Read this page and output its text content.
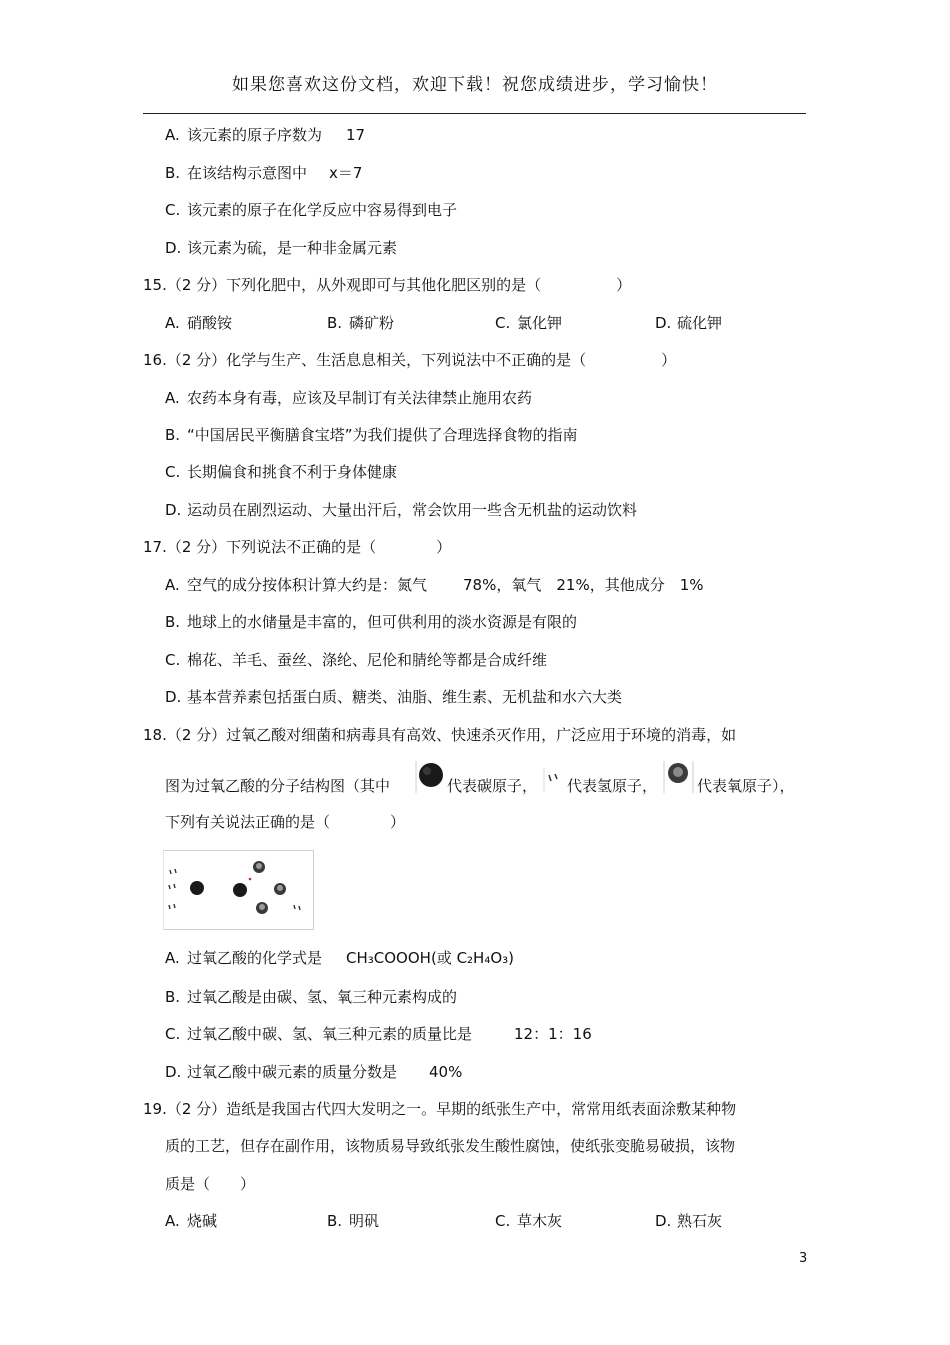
如果您喜欢这份文档，欢迎下载！祝您成绩进步，学习愉快！
A. 该元素的原子序数为 17
B. 在该结构示意图中 x＝7
C. 该元素的原子在化学反应中容易得到电子
D. 该元素为硫，是一种非金属元素
15.（2 分）下列化肥中，从外观即可与其他化肥区别的是（　　　　　）
A. 硝酸铵	B. 磷矿粉	C. 氯化钾	D. 硫化钾
16.（2 分）化学与生产、生活息息相关，下列说法中不正确的是（　　　　　）
A. 农药本身有毒，应该及早制订有关法律禁止施用农药
B. “中国居民平衡膳食宝塔”为我们提供了合理选择食物的指南
C. 长期偏食和挑食不利于身体健康
D. 运动员在剧烈运动、大量出汗后，常会饮用一些含无机盐的运动饮料
17.（2 分）下列说法不正确的是（　　　　）
A. 空气的成分按体积计算大约是：氮气 78%，氧气　21%，其他成分　1%
B. 地球上的水储量是丰富的，但可供利用的淡水资源是有限的
C. 棉花、羊毛、蚕丝、涤纶、尼伦和腈纶等都是合成纤维
D. 基本营养素包括蛋白质、糖类、油脂、维生素、无机盐和水六大类
18.（2 分）过氧乙酸对细菌和病毒具有高效、快速杀灭作用，广泛应用于环境的消毒，如
图为过氧乙酸的分子结构图（其中	代表碳原子， 代表氢原子，	代表氧原子），
下列有关说法正确的是（　　　　）
A. 过氧乙酸的化学式是 CH₃COOOH(或 C₂H₄O₃)
B. 过氧乙酸是由碳、氢、氧三种元素构成的
C. 过氧乙酸中碳、氢、氧三种元素的质量比是	12：1：16
D. 过氧乙酸中碳元素的质量分数是 40%
19.（2 分）造纸是我国古代四大发明之一。早期的纸张生产中，常常用纸表面涂敷某种物
质的工艺，但存在副作用，该物质易导致纸张发生酸性腐蚀，使纸张变脆易破损，该物
质是（　　）
A. 烧碱	B. 明矾	C. 草木灰	D. 熟石灰
3
